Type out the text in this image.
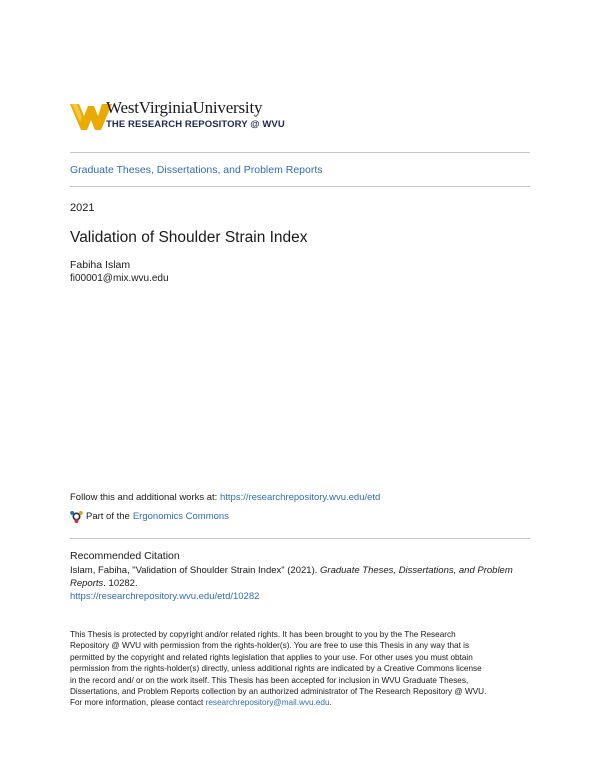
WestVirginiaUniversity
THE RESEARCH REPOSITORY @ WVU
Graduate Theses, Dissertations, and Problem Reports
2021
Validation of Shoulder Strain Index
Fabiha Islam
fi00001@mix.wvu.edu
Follow this and additional works at: https://researchrepository.wvu.edu/etd
Part of the Ergonomics Commons
Recommended Citation
Islam, Fabiha, "Validation of Shoulder Strain Index" (2021). Graduate Theses, Dissertations, and Problem Reports. 10282.
https://researchrepository.wvu.edu/etd/10282
This Thesis is protected by copyright and/or related rights. It has been brought to you by the The Research
Repository @ WVU with permission from the rights-holder(s). You are free to use this Thesis in any way that is
permitted by the copyright and related rights legislation that applies to your use. For other uses you must obtain
permission from the rights-holder(s) directly, unless additional rights are indicated by a Creative Commons license
in the record and/ or on the work itself. This Thesis has been accepted for inclusion in WVU Graduate Theses,
Dissertations, and Problem Reports collection by an authorized administrator of The Research Repository @ WVU.
For more information, please contact researchrepository@mail.wvu.edu.
